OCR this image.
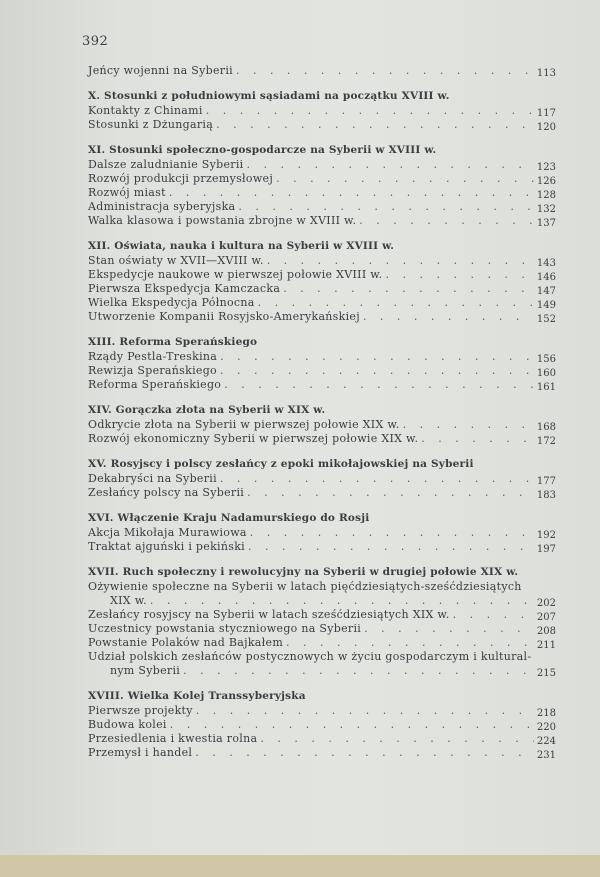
392
Jeńcy wojenni na Syberii . . .	113
X. Stosunki z południowymi sąsiadami na początku XVIII w.
Kontakty z Chinami . . .	117
Stosunki z Dżungarią . . .	120
XI. Stosunki społeczno-gospodarcze na Syberii w XVIII w.
Dalsze zaludnianie Syberii . . .	123
Rozwój produkcji przemysłowej . . .	126
Rozwój miast . . .	128
Administracja syberyjska . . .	132
Walka klasowa i powstania zbrojne w XVIII w. . . .	137
XII. Oświata, nauka i kultura na Syberii w XVIII w.
Stan oświaty w XVII—XVIII w. . . .	143
Ekspedycje naukowe w pierwszej połowie XVIII w. . . .	146
Pierwsza Ekspedycja Kamczacka . . .	147
Wielka Ekspedycja Północna . . .	149
Utworzenie Kompanii Rosyjsko-Amerykańskiej . . .	152
XIII. Reforma Sperańskiego
Rządy Pestla-Treskina . . .	156
Rewizja Sperańskiego . . .	160
Reforma Sperańskiego . . .	161
XIV. Gorączka złota na Syberii w XIX w.
Odkrycie złota na Syberii w pierwszej połowie XIX w. . . .	168
Rozwój ekonomiczny Syberii w pierwszej połowie XIX w. . . .	172
XV. Rosyjscy i polscy zesłańcy z epoki mikołajowskiej na Syberii
Dekabryści na Syberii . . .	177
Zesłańcy polscy na Syberii . . .	183
XVI. Włączenie Kraju Nadamurskiego do Rosji
Akcja Mikołaja Murawiowa . . .	192
Traktat ajguński i pekiński . . .	197
XVII. Ruch społeczny i rewolucyjny na Syberii w drugiej połowie XIX w.
Ożywienie społeczne na Syberii w latach pięćdziesiątych-sześćdziesiątych
XIX w. . . .	202
Zesłańcy rosyjscy na Syberii w latach sześćdziesiątych XIX w. . . .	207
Uczestnicy powstania styczniowego na Syberii . . .	208
Powstanie Polaków nad Bajkałem . . .	211
Udział polskich zesłańców postycznowych w życiu gospodarczym i kultural-
nym Syberii . . .	215
XVIII. Wielka Kolej Transsyberyjska
Pierwsze projekty . . .	218
Budowa kolei . . .	220
Przesiedlenia i kwestia rolna . . .	224
Przemysł i handel . . .	231
